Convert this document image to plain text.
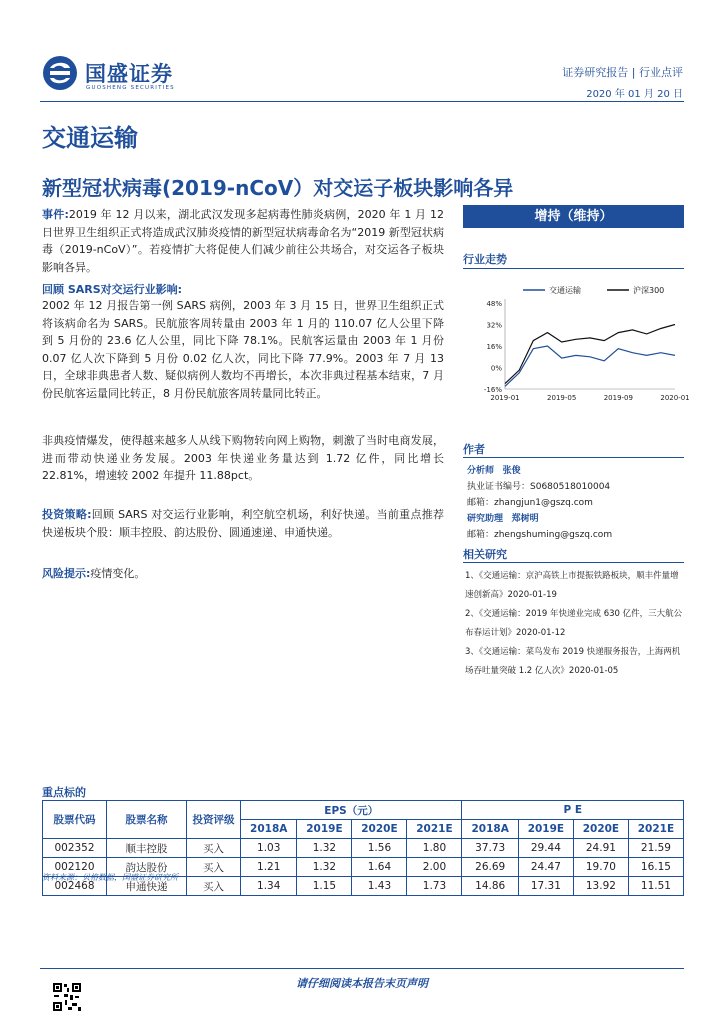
国盛证券
GUOSHENG SECURITIES
证券研究报告 | 行业点评
2020 年 01 月 20 日
交通运输
新型冠状病毒(2019-nCoV）对交运子板块影响各异
事件:2019 年 12 月以来，湖北武汉发现多起病毒性肺炎病例，2020 年 1 月 12 日世界卫生组织正式将造成武汉肺炎疫情的新型冠状病毒命名为“2019 新型冠状病毒（2019-nCoV）”。若疫情扩大将促使人们减少前往公共场合，对交运各子板块影响各异。
回顾 SARS对交运行业影响:
2002 年 12 月报告第一例 SARS 病例，2003 年 3 月 15 日，世界卫生组织正式将该病命名为 SARS。民航旅客周转量由 2003 年 1 月的 110.07 亿人公里下降到 5 月份的 23.6 亿人公里，同比下降 78.1%。民航客运量由 2003 年 1 月份 0.07 亿人次下降到 5 月份 0.02 亿人次，同比下降 77.9%。2003 年 7 月 13 日，全球非典患者人数、疑似病例人数均不再增长，本次非典过程基本结束，7 月份民航客运量同比转正，8 月份民航旅客周转量同比转正。
非典疫情爆发，使得越来越多人从线下购物转向网上购物，刺激了当时电商发展，进而带动快递业务发展。2003 年快递业务量达到 1.72 亿件，同比增长 22.81%，增速较 2002 年提升 11.88pct。
投资策略:回顾 SARS 对交运行业影响，利空航空机场，利好快递。当前重点推荐快递板块个股：顺丰控股、韵达股份、圆通速递、申通快递。
风险提示:疫情变化。
增持（维持）
行业走势
48%
32%
16%
0%
-16%
2019-01	2019-05	2019-09	2020-01
交通运输	沪深300
作者
分析师 张俊
执业证书编号：S0680518010004
邮箱：zhangjun1@gszq.com
研究助理 郑树明
邮箱：zhengshuming@gszq.com
相关研究
1、《交通运输：京沪高铁上市提振铁路板块，顺丰件量增速创新高》2020-01-19
2、《交通运输：2019 年快递业完成 630 亿件，三大航公布春运计划》2020-01-12
3、《交通运输：菜鸟发布 2019 快递服务报告，上海两机场吞吐量突破 1.2 亿人次》2020-01-05
重点标的
股票代码	股票名称	投资评级	EPS（元）				P E			
			2018A	2019E	2020E	2021E	2018A	2019E	2020E	2021E
002352	顺丰控股	买入	1.03	1.32	1.56	1.80	37.73	29.44	24.91	21.59
002120	韵达股份	买入	1.21	1.32	1.64	2.00	26.69	24.47	19.70	16.15
002468	申通快递	买入	1.34	1.15	1.43	1.73	14.86	17.31	13.92	11.51
资料来源：贝格数据，国盛证券研究所
请仔细阅读本报告末页声明
